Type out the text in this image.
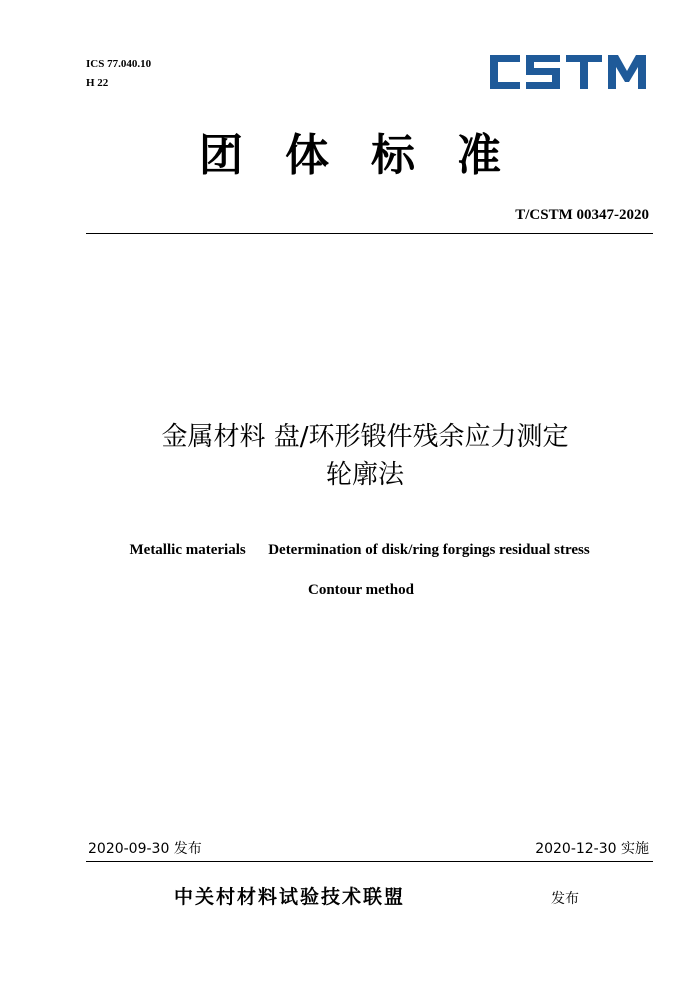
ICS 77.040.10
H 22
团体标准
T/CSTM 00347-2020
金属材料 盘/环形锻件残余应力测定
轮廓法

Metallic materials      Determination of disk/ring forgings residual stress

Contour method

2020-09-30 发布	2020-12-30 实施
中关村材料试验技术联盟	发布
